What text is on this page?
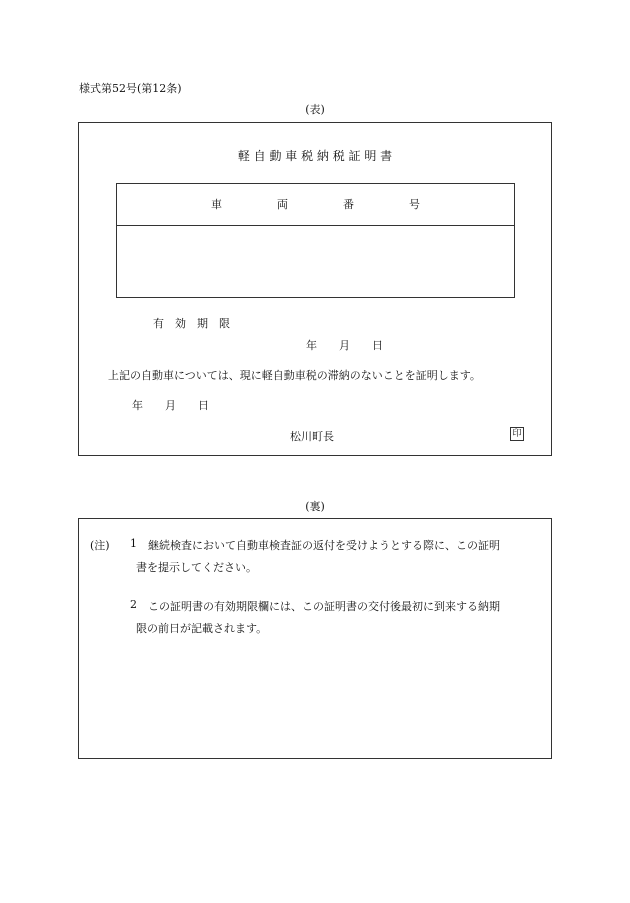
様式第52号(第12条)
(表)
軽 自 動 車 税 納 税 証 明 書
車　　　　　両　　　　　番　　　　　号
有　効　期　限
年　　月　　日
上記の自動車については、現に軽自動車税の滞納のないことを証明します。
年　　月　　日
松川町長	印
(裏)
(注) 1 継続検査において自動車検査証の返付を受けようとする際に、この証明
書を提示してください。
2 この証明書の有効期限欄には、この証明書の交付後最初に到来する納期
限の前日が記載されます。
